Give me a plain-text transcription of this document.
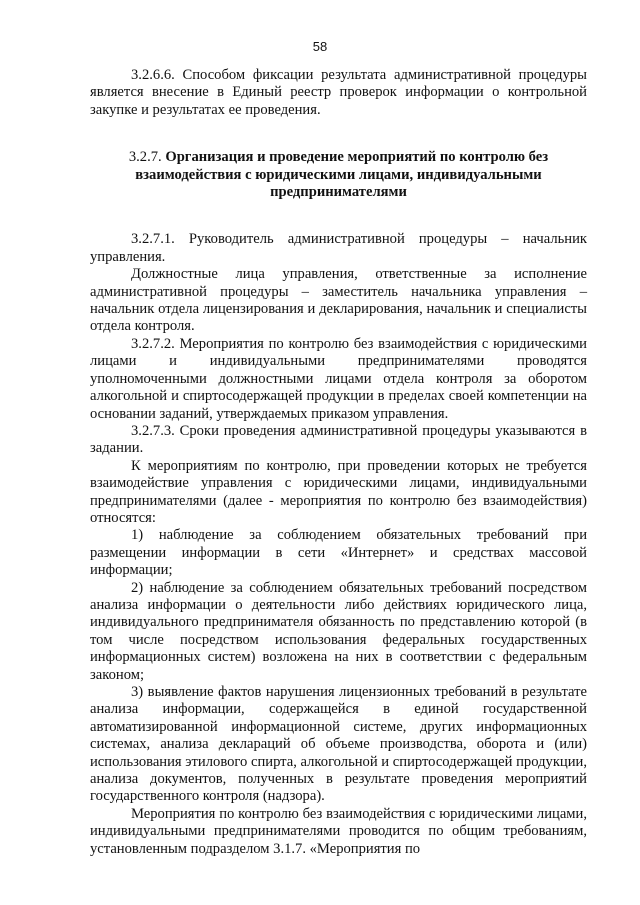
58

3.2.6.6. Способом фиксации результата административной процедуры является внесение в Единый реестр проверок информации о контрольной закупке и результатах ее проведения.

3.2.7. Организация и проведение мероприятий по контролю без взаимодействия с юридическими лицами, индивидуальными предпринимателями

3.2.7.1. Руководитель административной процедуры – начальник управления.

Должностные лица управления, ответственные за исполнение административной процедуры – заместитель начальника управления – начальник отдела лицензирования и декларирования, начальник и специалисты отдела контроля.

3.2.7.2. Мероприятия по контролю без взаимодействия с юридическими лицами и индивидуальными предпринимателями проводятся уполномоченными должностными лицами отдела контроля за оборотом алкогольной и спиртосодержащей продукции в пределах своей компетенции на основании заданий, утверждаемых приказом управления.

3.2.7.3. Сроки проведения административной процедуры указываются в задании.

К мероприятиям по контролю, при проведении которых не требуется взаимодействие управления с юридическими лицами, индивидуальными предпринимателями (далее - мероприятия по контролю без взаимодействия) относятся:

1) наблюдение за соблюдением обязательных требований при размещении информации в сети «Интернет» и средствах массовой информации;

2) наблюдение за соблюдением обязательных требований посредством анализа информации о деятельности либо действиях юридического лица, индивидуального предпринимателя обязанность по представлению которой (в том числе посредством использования федеральных государственных информационных систем) возложена на них в соответствии с федеральным законом;

3) выявление фактов нарушения лицензионных требований в результате анализа информации, содержащейся в единой государственной автоматизированной информационной системе, других информационных системах, анализа деклараций об объеме производства, оборота и (или) использования этилового спирта, алкогольной и спиртосодержащей продукции, анализа документов, полученных в результате проведения мероприятий государственного контроля (надзора).

Мероприятия по контролю без взаимодействия с юридическими лицами, индивидуальными предпринимателями проводится по общим требованиям, установленным подразделом 3.1.7. «Мероприятия по
